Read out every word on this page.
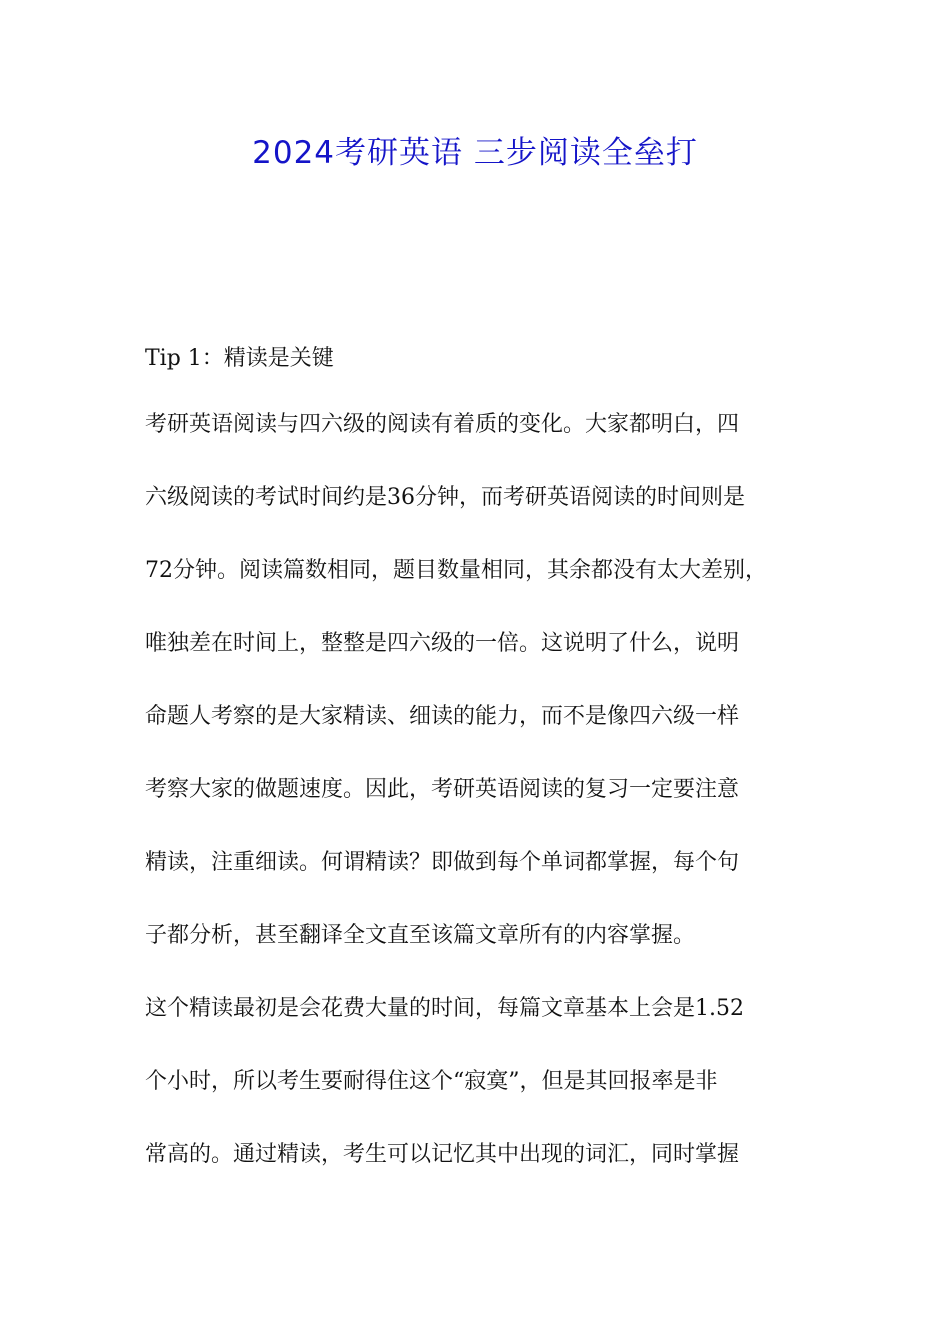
2024考研英语 三步阅读全垒打
Tip 1：精读是关键
考研英语阅读与四六级的阅读有着质的变化。大家都明白，四
六级阅读的考试时间约是36分钟，而考研英语阅读的时间则是
72分钟。阅读篇数相同，题目数量相同，其余都没有太大差别，
唯独差在时间上，整整是四六级的一倍。这说明了什么，说明
命题人考察的是大家精读、细读的能力，而不是像四六级一样
考察大家的做题速度。因此，考研英语阅读的复习一定要注意
精读，注重细读。何谓精读？即做到每个单词都掌握，每个句
子都分析，甚至翻译全文直至该篇文章所有的内容掌握。
这个精读最初是会花费大量的时间，每篇文章基本上会是1.52
个小时，所以考生要耐得住这个“寂寞”，但是其回报率是非
常高的。通过精读，考生可以记忆其中出现的词汇，同时掌握
